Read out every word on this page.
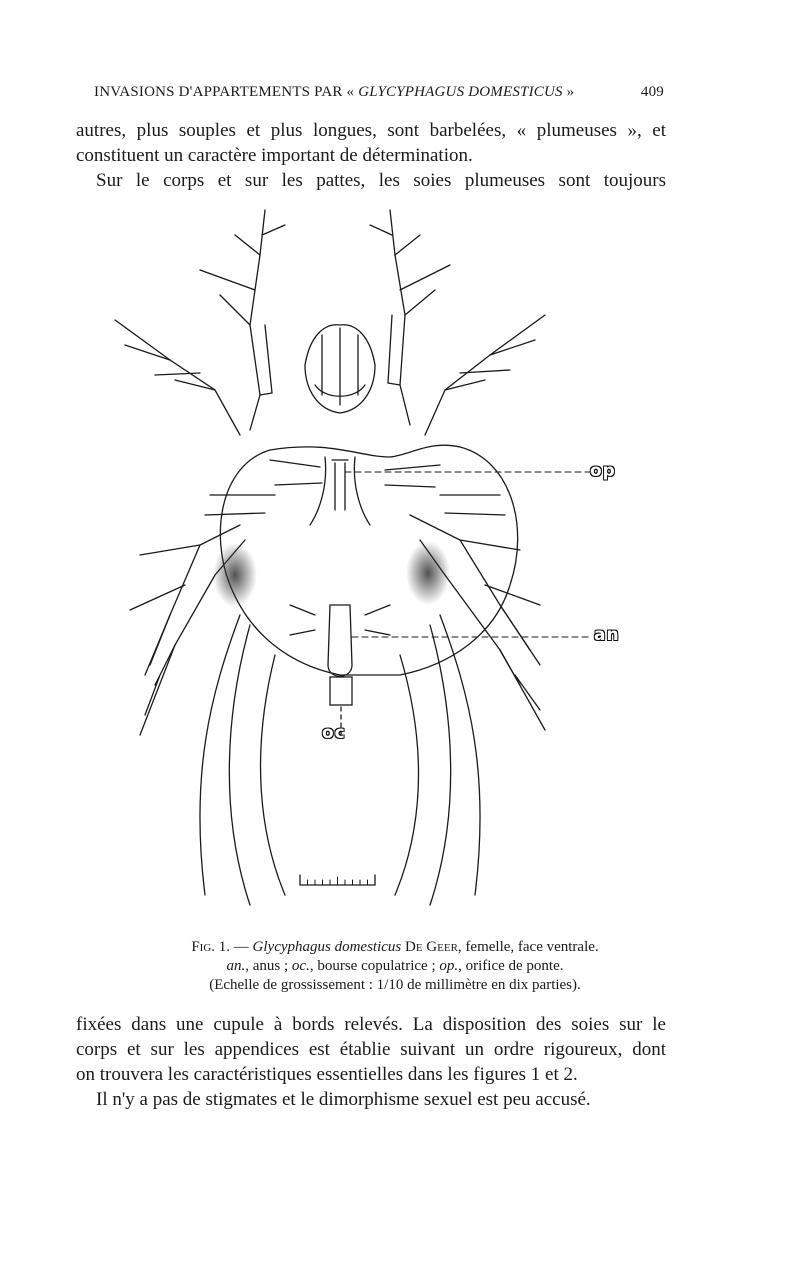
INVASIONS D'APPARTEMENTS PAR « GLYCYPHAGUS DOMESTICUS »	409
autres, plus souples et plus longues, sont barbelées, « plumeuses », et
constituent un caractère important de détermination.
Sur le corps et sur les pattes, les soies plumeuses sont toujours
op
an
oc
Fig. 1. — Glycyphagus domesticus De Geer, femelle, face ventrale.
an., anus ; oc., bourse copulatrice ; op., orifice de ponte.
(Echelle de grossissement : 1/10 de millimètre en dix parties).
fixées dans une cupule à bords relevés. La disposition des soies sur le
corps et sur les appendices est établie suivant un ordre rigoureux, dont
on trouvera les caractéristiques essentielles dans les figures 1 et 2.
Il n'y a pas de stigmates et le dimorphisme sexuel est peu accusé.
